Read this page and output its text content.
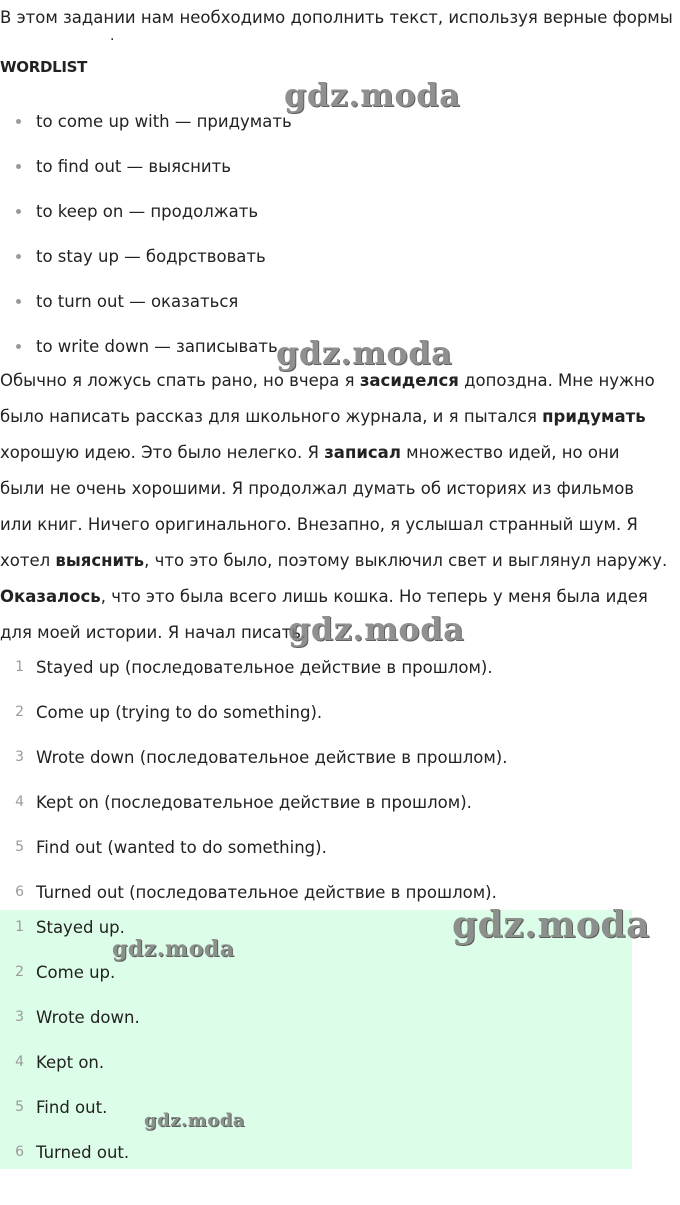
В этом задании нам необходимо дополнить текст, используя верные формы

.

WORDLIST

to come up with — придумать
to find out — выяснить
to keep on — продолжать
to stay up — бодрствовать
to turn out — оказаться
to write down — записывать

Обычно я ложусь спать рано, но вчера я засиделся допоздна. Мне нужно было написать рассказ для школьного журнала, и я пытался придумать хорошую идею. Это было нелегко. Я записал множество идей, но они были не очень хорошими. Я продолжал думать об историях из фильмов или книг. Ничего оригинального. Внезапно, я услышал странный шум. Я хотел выяснить, что это было, поэтому выключил свет и выглянул наружу. Оказалось, что это была всего лишь кошка. Но теперь у меня была идея для моей истории. Я начал писать.

1 Stayed up (последовательное действие в прошлом).
2 Come up (trying to do something).
3 Wrote down (последовательное действие в прошлом).
4 Kept on (последовательное действие в прошлом).
5 Find out (wanted to do something).
6 Turned out (последовательное действие в прошлом).
1 Stayed up.
2 Come up.
3 Wrote down.
4 Kept on.
5 Find out.
6 Turned out.
gdz.moda
gdz.moda
gdz.moda
gdz.moda
gdz.moda
gdz.moda
